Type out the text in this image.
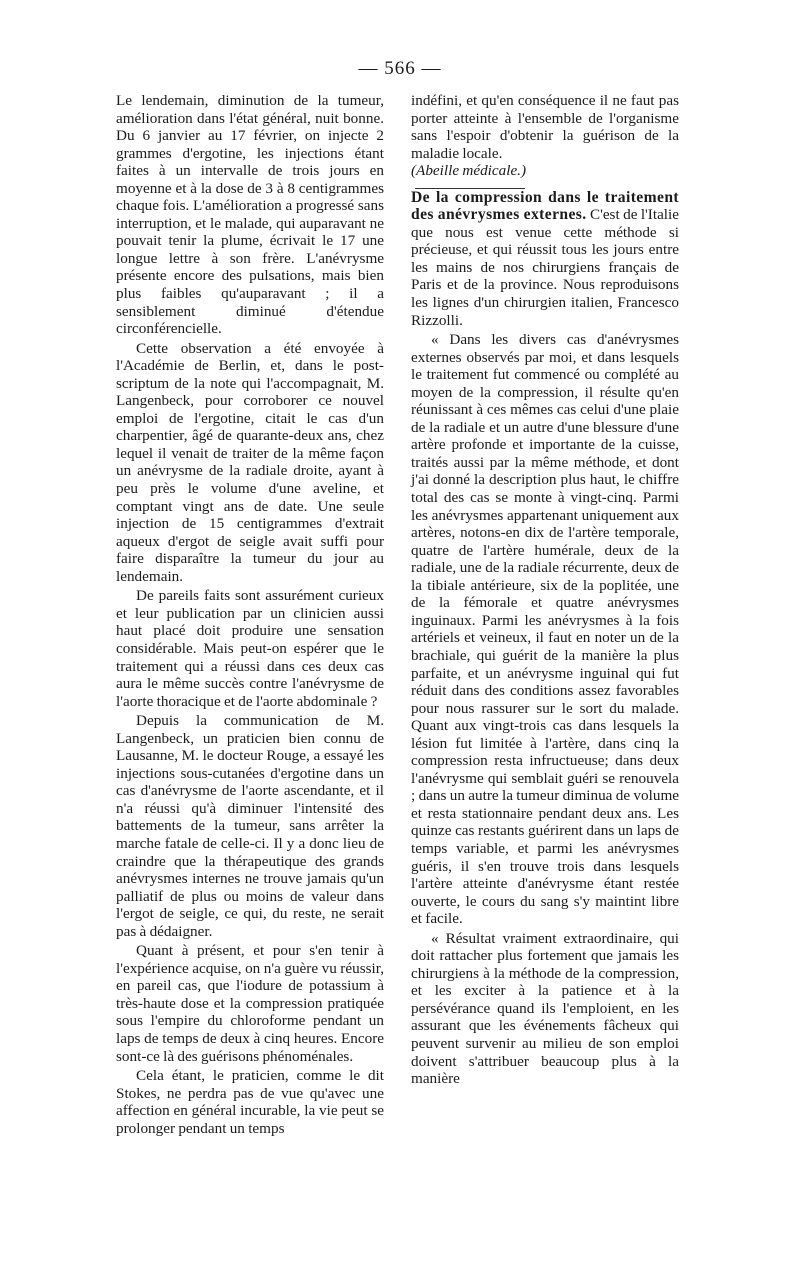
— 566 —

Le lendemain, diminution de la tumeur, amélioration dans l'état général, nuit bonne. Du 6 janvier au 17 février, on injecte 2 grammes d'ergotine, les injections étant faites à un intervalle de trois jours en moyenne et à la dose de 3 à 8 centigrammes chaque fois. L'amélioration a progressé sans interruption, et le malade, qui auparavant ne pouvait tenir la plume, écrivait le 17 une longue lettre à son frère. L'anévrysme présente encore des pulsations, mais bien plus faibles qu'auparavant ; il a sensiblement diminué d'étendue circonférencielle.

Cette observation a été envoyée à l'Académie de Berlin, et, dans le post-scriptum de la note qui l'accompagnait, M. Langenbeck, pour corroborer ce nouvel emploi de l'ergotine, citait le cas d'un charpentier, âgé de quarante-deux ans, chez lequel il venait de traiter de la même façon un anévrysme de la radiale droite, ayant à peu près le volume d'une aveline, et comptant vingt ans de date. Une seule injection de 15 centigrammes d'extrait aqueux d'ergot de seigle avait suffi pour faire disparaître la tumeur du jour au lendemain.

De pareils faits sont assurément curieux et leur publication par un clinicien aussi haut placé doit produire une sensation considérable. Mais peut-on espérer que le traitement qui a réussi dans ces deux cas aura le même succès contre l'anévrysme de l'aorte thoracique et de l'aorte abdominale ?

Depuis la communication de M. Langenbeck, un praticien bien connu de Lausanne, M. le docteur Rouge, a essayé les injections sous-cutanées d'ergotine dans un cas d'anévrysme de l'aorte ascendante, et il n'a réussi qu'à diminuer l'intensité des battements de la tumeur, sans arrêter la marche fatale de celle-ci. Il y a donc lieu de craindre que la thérapeutique des grands anévrysmes internes ne trouve jamais qu'un palliatif de plus ou moins de valeur dans l'ergot de seigle, ce qui, du reste, ne serait pas à dédaigner.

Quant à présent, et pour s'en tenir à l'expérience acquise, on n'a guère vu réussir, en pareil cas, que l'iodure de potassium à très-haute dose et la compression pratiquée sous l'empire du chloroforme pendant un laps de temps de deux à cinq heures. Encore sont-ce là des guérisons phénoménales.

Cela étant, le praticien, comme le dit Stokes, ne perdra pas de vue qu'avec une affection en général incurable, la vie peut se prolonger pendant un temps

indéfini, et qu'en conséquence il ne faut pas porter atteinte à l'ensemble de l'organisme sans l'espoir d'obtenir la guérison de la maladie locale.
(Abeille médicale.)

De la compression dans le traitement des anévrysmes externes. C'est de l'Italie que nous est venue cette méthode si précieuse, et qui réussit tous les jours entre les mains de nos chirurgiens français de Paris et de la province. Nous reproduisons les lignes d'un chirurgien italien, Francesco Rizzolli.

« Dans les divers cas d'anévrysmes externes observés par moi, et dans lesquels le traitement fut commencé ou complété au moyen de la compression, il résulte qu'en réunissant à ces mêmes cas celui d'une plaie de la radiale et un autre d'une blessure d'une artère profonde et importante de la cuisse, traités aussi par la même méthode, et dont j'ai donné la description plus haut, le chiffre total des cas se monte à vingt-cinq. Parmi les anévrysmes appartenant uniquement aux artères, notons-en dix de l'artère temporale, quatre de l'artère humérale, deux de la radiale, une de la radiale récurrente, deux de la tibiale antérieure, six de la poplitée, une de la fémorale et quatre anévrysmes inguinaux. Parmi les anévrysmes à la fois artériels et veineux, il faut en noter un de la brachiale, qui guérit de la manière la plus parfaite, et un anévrysme inguinal qui fut réduit dans des conditions assez favorables pour nous rassurer sur le sort du malade. Quant aux vingt-trois cas dans lesquels la lésion fut limitée à l'artère, dans cinq la compression resta infructueuse; dans deux l'anévrysme qui semblait guéri se renouvela ; dans un autre la tumeur diminua de volume et resta stationnaire pendant deux ans. Les quinze cas restants guérirent dans un laps de temps variable, et parmi les anévrysmes guéris, il s'en trouve trois dans lesquels l'artère atteinte d'anévrysme étant restée ouverte, le cours du sang s'y maintint libre et facile.

« Résultat vraiment extraordinaire, qui doit rattacher plus fortement que jamais les chirurgiens à la méthode de la compression, et les exciter à la patience et à la persévérance quand ils l'emploient, en les assurant que les événements fâcheux qui peuvent survenir au milieu de son emploi doivent s'attribuer beaucoup plus à la manière
